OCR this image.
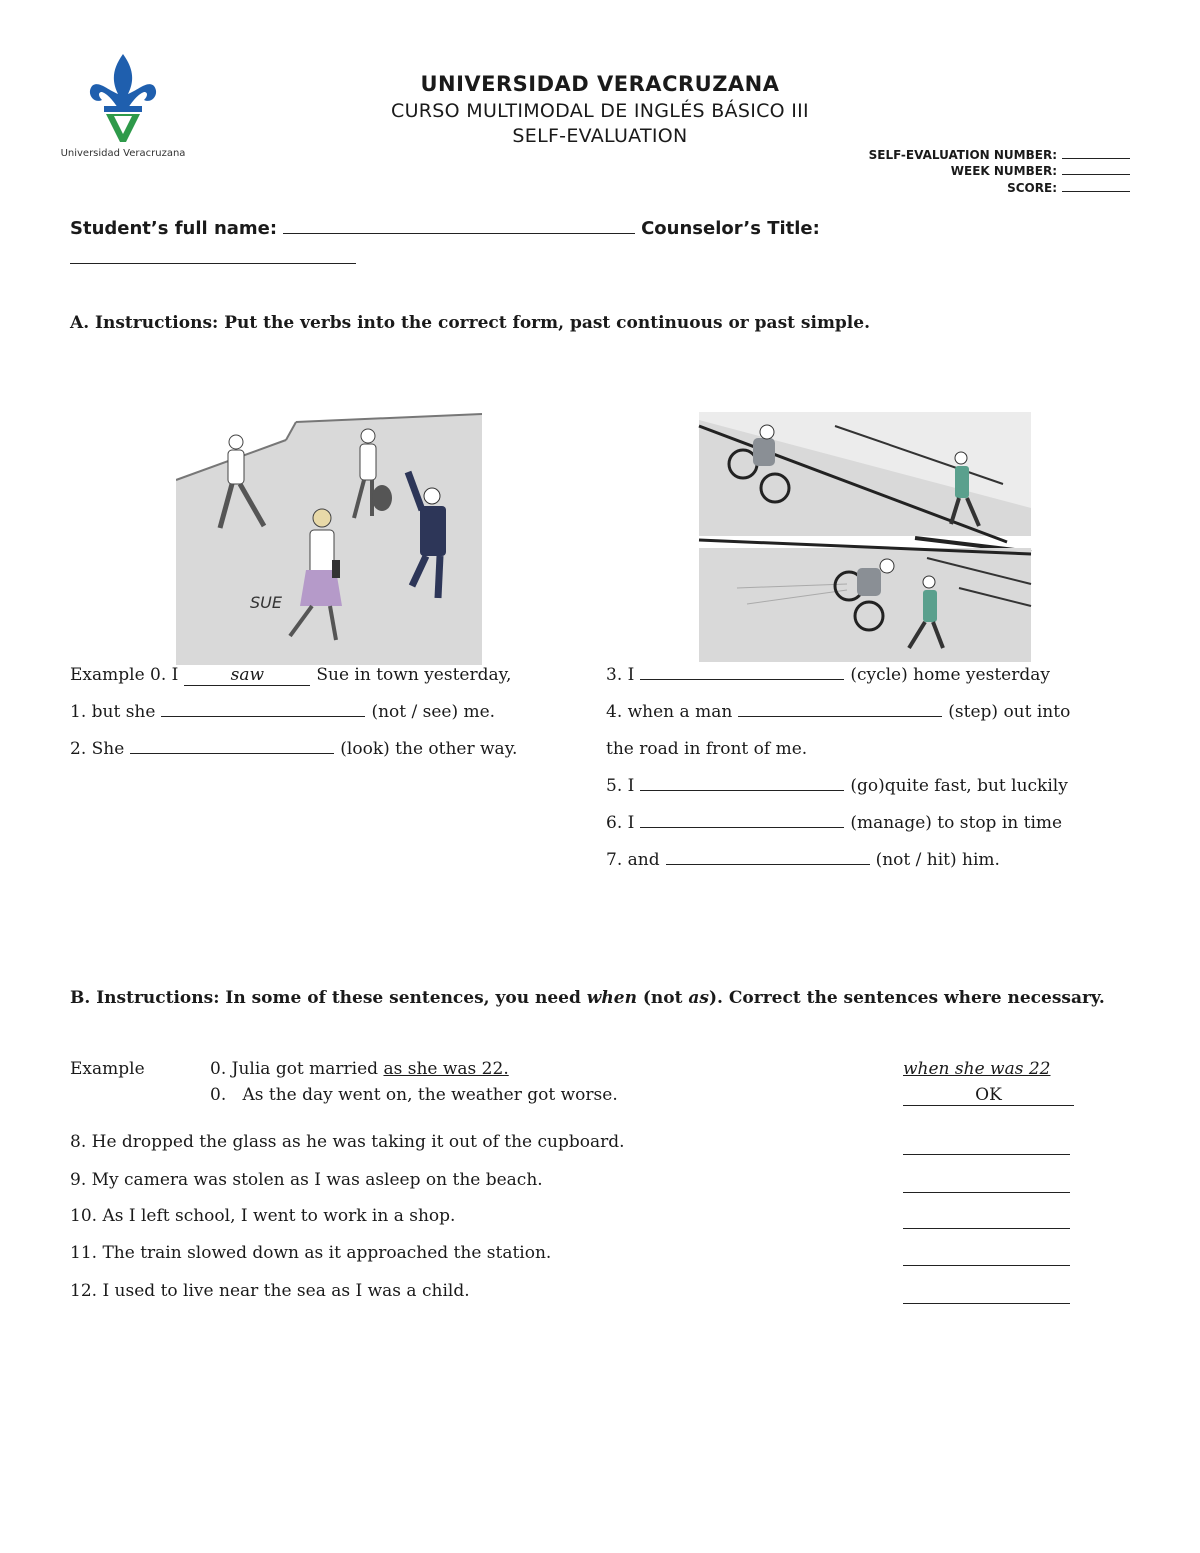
Universidad Veracruzana
UNIVERSIDAD VERACRUZANA
CURSO MULTIMODAL DE INGLÉS BÁSICO III
SELF-EVALUATION
SELF-EVALUATION NUMBER:
WEEK NUMBER:
SCORE:
Student’s full name:	Counselor’s Title:
A. Instructions: Put the verbs into the correct form, past continuous or past simple.
SUE
Example 0. I	saw	Sue in town yesterday,
1. but she	(not / see) me.
2. She	(look) the other way.
3. I	(cycle) home yesterday
4. when a man	(step) out into
the road in front of me.
5. I	(go)quite fast, but luckily
6. I	(manage) to stop in time
7. and	(not / hit) him.
B. Instructions: In some of these sentences, you need when (not as). Correct the sentences where necessary.
Example	0. Julia got married as she was 22.	when she was 22
0. As the day went on, the weather got worse.	OK
8. He dropped the glass as he was taking it out of the cupboard.
9. My camera was stolen as I was asleep on the beach.
10. As I left school, I went to work in a shop.
11. The train slowed down as it approached the station.
12. I used to live near the sea as I was a child.
